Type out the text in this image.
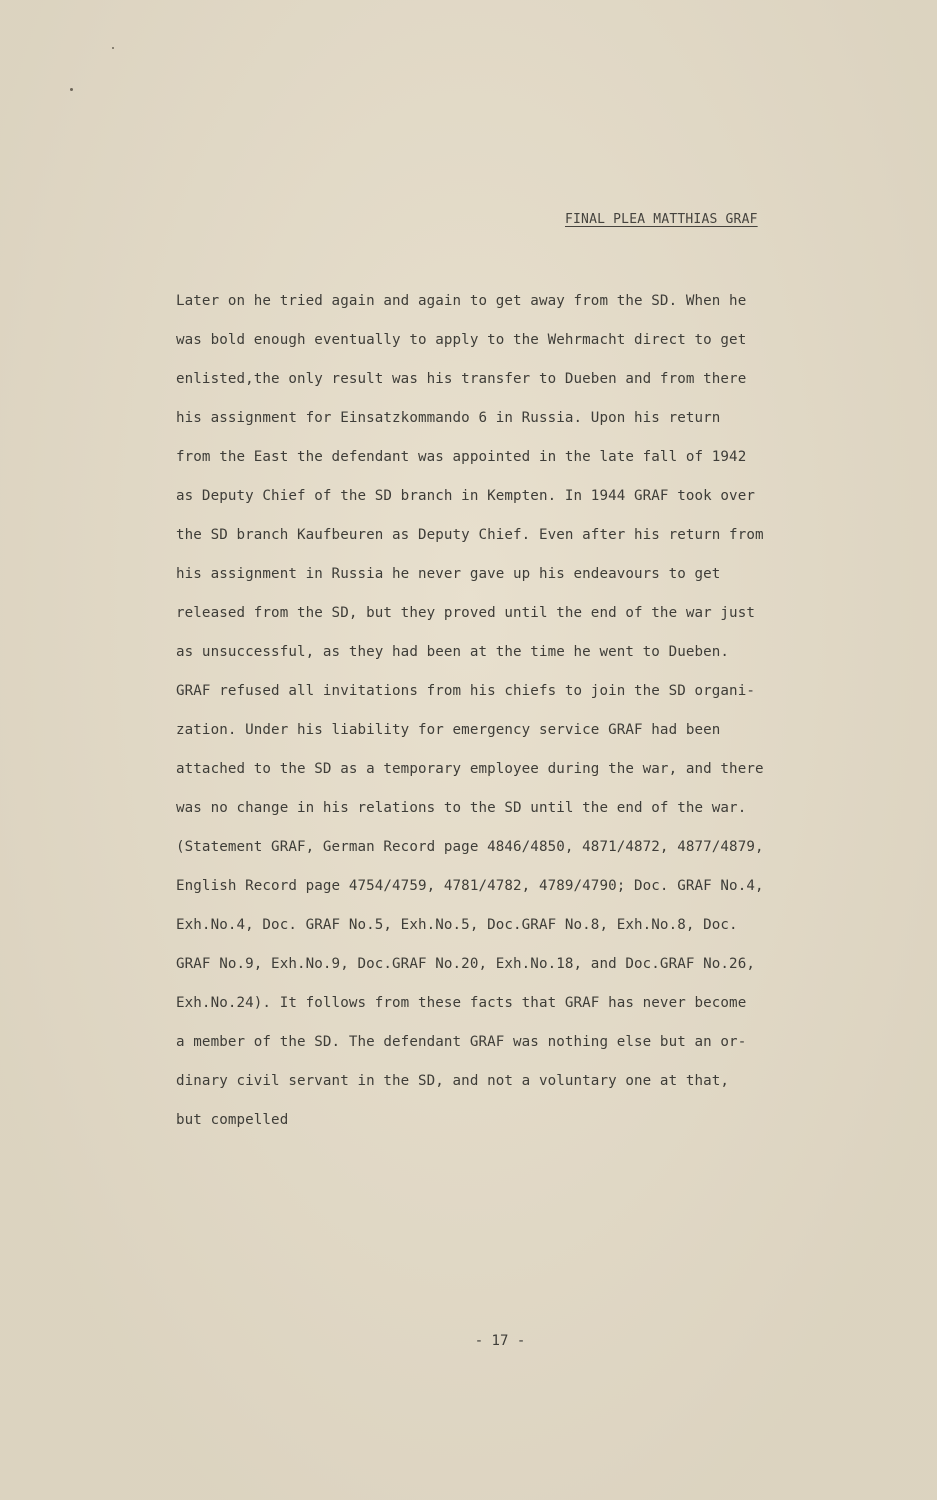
FINAL PLEA MATTHIAS GRAF
Later on he tried again and again to get away from the SD. When he
was bold enough eventually to apply to the Wehrmacht direct to get
enlisted,the only result was his transfer to Dueben and from there
his assignment for Einsatzkommando 6 in Russia. Upon his return
from the East the defendant was appointed in the late fall of 1942
as Deputy Chief of the SD branch in Kempten. In 1944 GRAF took over
the SD branch Kaufbeuren as Deputy Chief. Even after his return from
his assignment in Russia he never gave up his endeavours to get
released from the SD, but they proved until the end of the war just
as unsuccessful, as they had been at the time he went to Dueben.
GRAF refused all invitations from his chiefs to join the SD organi-
zation. Under his liability for emergency service GRAF had been
attached to the SD as a temporary employee during the war, and there
was no change in his relations to the SD until the end of the war.
(Statement GRAF, German Record page 4846/4850, 4871/4872, 4877/4879,
English Record page 4754/4759, 4781/4782, 4789/4790; Doc. GRAF No.4,
Exh.No.4, Doc. GRAF No.5, Exh.No.5, Doc.GRAF No.8, Exh.No.8, Doc.
GRAF No.9, Exh.No.9, Doc.GRAF No.20, Exh.No.18, and Doc.GRAF No.26,
Exh.No.24). It follows from these facts that GRAF has never become
a member of the SD. The defendant GRAF was nothing else but an or-
dinary civil servant in the SD, and not a voluntary one at that,
but compelled
- 17 -
